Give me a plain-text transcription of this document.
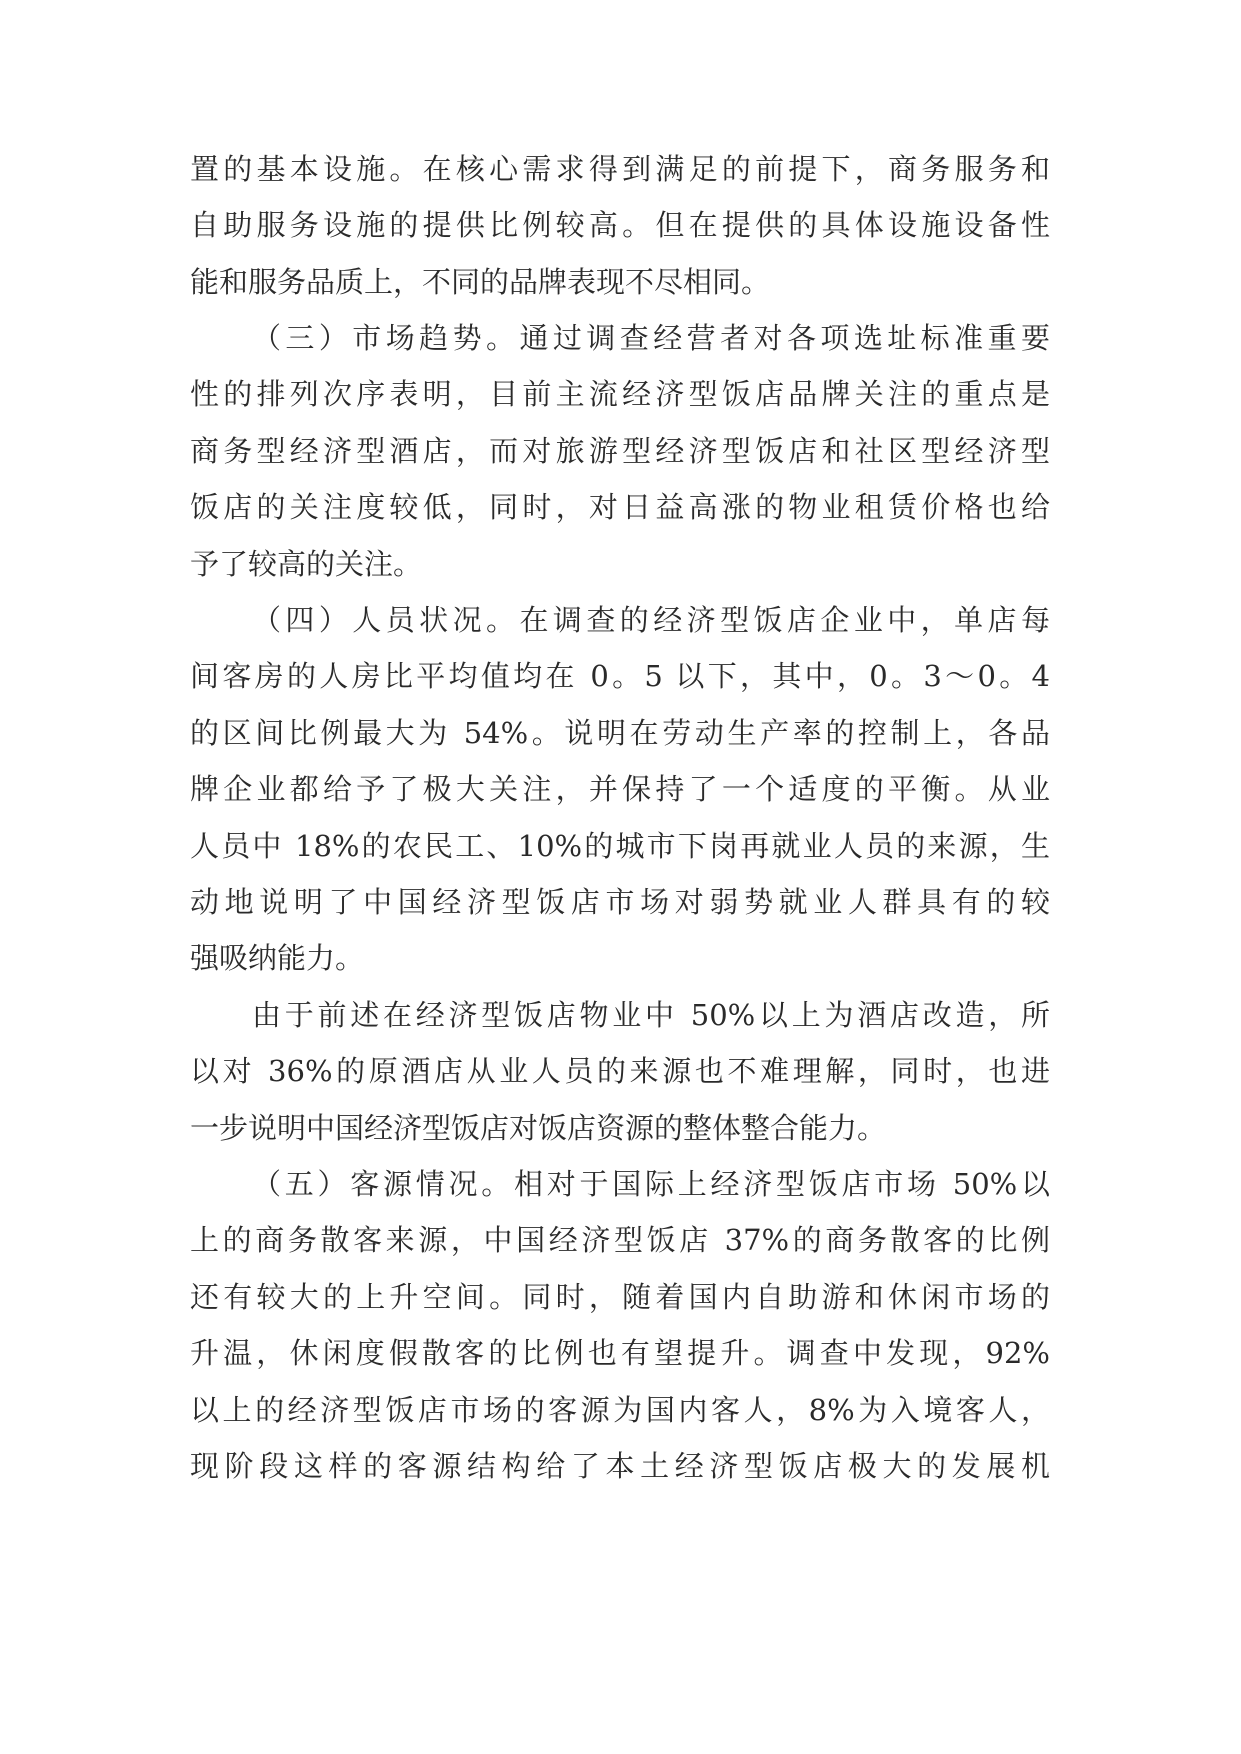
置的基本设施。在核心需求得到满足的前提下，商务服务和
自助服务设施的提供比例较高。但在提供的具体设施设备性
能和服务品质上，不同的品牌表现不尽相同。
（三）市场趋势。通过调查经营者对各项选址标准重要
性的排列次序表明，目前主流经济型饭店品牌关注的重点是
商务型经济型酒店，而对旅游型经济型饭店和社区型经济型
饭店的关注度较低，同时，对日益高涨的物业租赁价格也给
予了较高的关注。
（四）人员状况。在调查的经济型饭店企业中，单店每
间客房的人房比平均值均在 0。5 以下，其中，0。3～0。4
的区间比例最大为 54%。说明在劳动生产率的控制上，各品
牌企业都给予了极大关注，并保持了一个适度的平衡。从业
人员中 18%的农民工、10%的城市下岗再就业人员的来源，生
动地说明了中国经济型饭店市场对弱势就业人群具有的较
强吸纳能力。
由于前述在经济型饭店物业中 50%以上为酒店改造，所
以对 36%的原酒店从业人员的来源也不难理解，同时，也进
一步说明中国经济型饭店对饭店资源的整体整合能力。
（五）客源情况。相对于国际上经济型饭店市场 50%以
上的商务散客来源，中国经济型饭店 37%的商务散客的比例
还有较大的上升空间。同时，随着国内自助游和休闲市场的
升温，休闲度假散客的比例也有望提升。调查中发现，92%
以上的经济型饭店市场的客源为国内客人，8%为入境客人，
现阶段这样的客源结构给了本土经济型饭店极大的发展机
